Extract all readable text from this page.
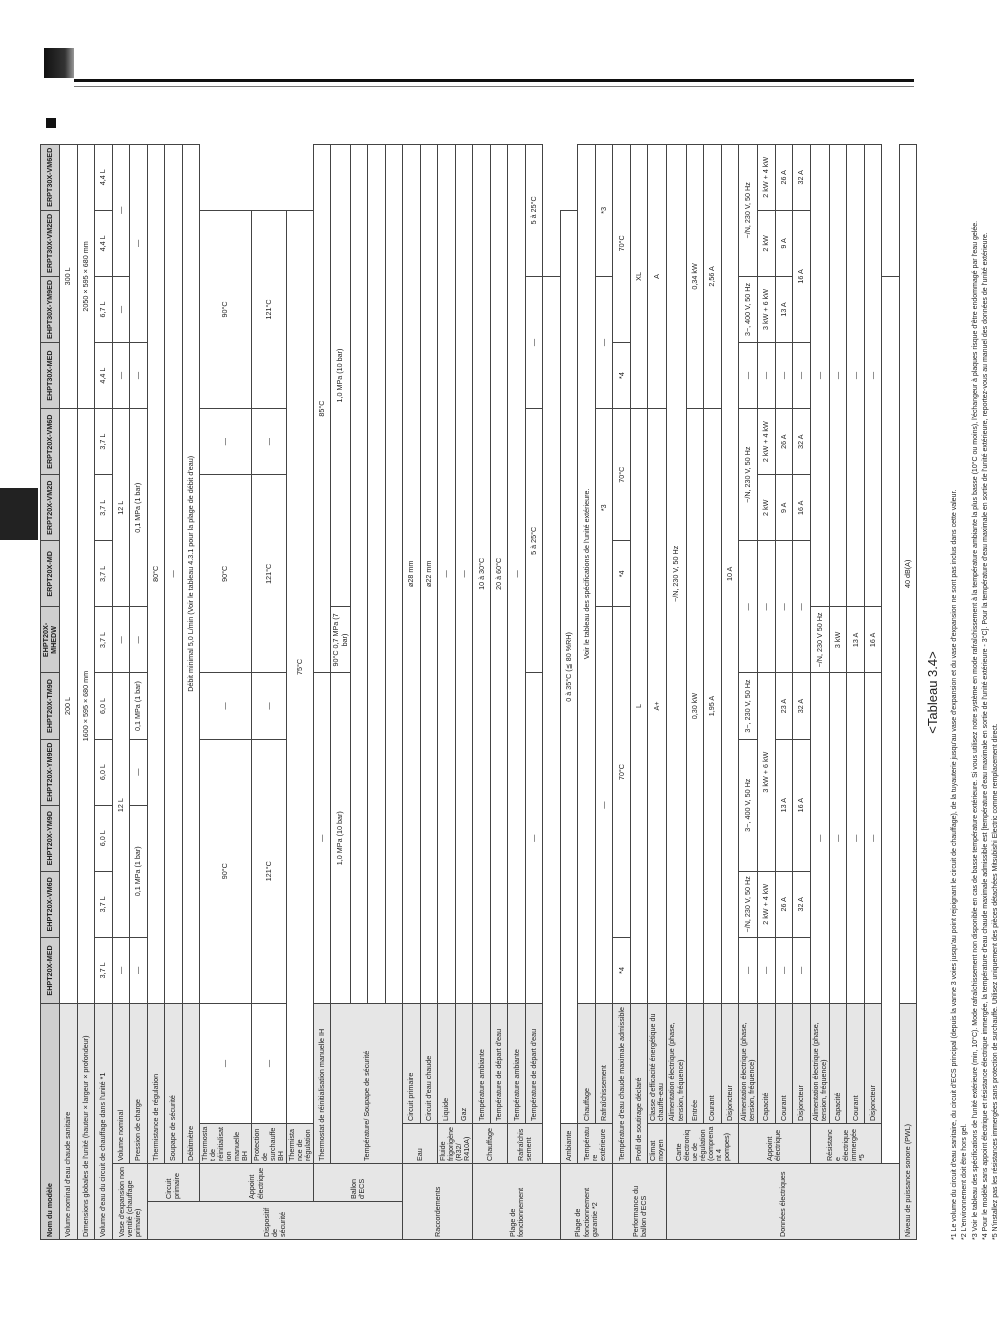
Nom du modèle				EHPT20X-MED	EHPT20X-VM6D	EHPT20X-YM9D	EHPT20X-YM9ED	EHPT20X-TM9D	EHPT20X-MHEDW	ERPT20X-MD	ERPT20X-VM2D	ERPT20X-VM6D	EHPT30X-MED	EHPT30X-YM9ED	ERPT30X-VM2ED	ERPT30X-VM6ED
Volume nominal d'eau chaude sanitaire				200 L									300 L			
Dimensions globales de l'unité (hauteur × largeur × profondeur)				1600 × 595 × 680 mm									2050 × 595 × 680 mm			
Volume d'eau du circuit de chauffage dans l'unité *1				3,7 L	3,7 L	6,0 L	6,0 L	6,0 L	3,7 L	3,7 L	3,7 L	3,7 L	4,4 L	6,7 L	4,4 L	4,4 L
Vase d'expansion non ventilé (chauffage primaire)		Volume nominal		—	12 L				—	12 L			—	—	—	
		Pression de charge		—	0,1 MPa (1 bar)		—	0,1 MPa (1 bar)	—	0,1 MPa (1 bar)			—	—		
Dispositif de sécurité	Circuit primaire	Thermistance de régulation		80°C												
		Soupape de sécurité		—												
		Débitmètre		Débit minimal 5,0 L/min (Voir le tableau 4.3.1 pour la plage de débit d'eau)												
	Appoint électrique	Thermostat de réinitialisation manuelle BH	—	90°C				—	90°C			—	90°C			
		Protection de surchauffe BH	—	121°C				—	121°C			—	121°C			
		Thermistance de régulation	75°C													
	Ballon d'ECS	Thermostat de réinitialisation manuelle IH		—					85°C							
		Température/ Soupape de sécurité		1,0 MPa (10 bar)					90°C 0,7 MPa (7 bar)	1,0 MPa (10 bar)						

Raccordements		Eau	Circuit primaire	ø28 mm												
			Circuit d'eau chaude	ø22 mm												
		Fluide frigorigène (R32/ R410A)	Liquide	—												
			Gaz	—												
Plage de fonctionnement		Chauffage	Température ambiante	10 à 30°C												
			Température de départ d'eau	20 à 60°C												
		Rafraîchissement	Température ambiante	—												
			Température de départ d'eau	—					5 à 25°C				—		5 à 25°C	

Plage de fonctionnement garantie *2		Ambiante	0 à 35°C (≦ 80 %RH)													
		Température extérieure	Chauffage	Voir le tableau des spécifications de l'unité extérieure.												
			Rafraîchissement	—						*3			—		*3	
Performance du ballon d'ECS		Température d'eau chaude maximale admissible		*4	70°C					*4	70°C		*4	70°C		
		Profil de soutirage déclaré		L									XL			
		Climat moyen	Classe d'efficacité énergétique du chauffe-eau	A+									A			
Données électriques		Carte électronique de régulation (comprenant 4 pompes)	Alimentation électrique (phase, tension, fréquence)	~/N, 230 V, 50 Hz												
			Entrée	0,30 kW									0,34 kW			
			Courant	1,95 A									2,56 A			
			Disjoncteur	10 A												
		Appoint électrique	Alimentation électrique (phase, tension, fréquence)	—	~/N, 230 V, 50 Hz	3~, 400 V, 50 Hz		3~, 230 V, 50 Hz	—		~/N, 230 V, 50 Hz		—	3~, 400 V, 50 Hz	~/N, 230 V, 50 Hz	
			Capacité	—	2 kW + 4 kW	3 kW + 6 kW			—		2 kW	2 kW + 4 kW	—	3 kW + 6 kW	2 kW	2 kW + 4 kW
			Courant	—	26 A	13 A		23 A	—		9 A	26 A	—	13 A	9 A	26 A
			Disjoncteur	—	32 A	16 A		32 A	—		16 A	32 A	—	16 A		32 A
		Résistance électrique immergée *5	Alimentation électrique (phase, tension, fréquence)	—					~/N, 230 V 50 Hz	—						
			Capacité	—					3 kW	—						
			Courant	—					13 A	—						
			Disjoncteur	—					16 A	—						

Niveau de puissance sonore (PWL)				40 dB(A)												
<Tableau 3.4> *1 Le volume du circuit d'eau sanitaire, du circuit d'ECS principal (depuis la vanne 3 voies jusqu'au point rejoignant le circuit de chauffage), de la tuyauterie jusqu'au vase d'expansion et du vase d'expansion ne sont pas inclus dans cette valeur. *2 L'environnement doit être hors gel. *3 Voir le tableau des spécifications de l'unité extérieure (min, 10°C). Mode rafraîchissement non disponible en cas de basse température extérieure. Si vous utilisez notre système en mode rafraîchissement à la température ambiante la plus basse (10°C ou moins), l'échangeur à plaques risque d'être endommagé par l'eau gelée. *4 Pour le modèle sans appoint électrique et résistance électrique immergée, la température d'eau chaude maximale admissible est [température d'eau maximale en sortie de l'unité extérieure - 3°C]. Pour la température d'eau maximale en sortie de l'unité extérieure, reportez-vous au manuel des données de l'unité extérieure. *5 N'installez pas les résistances immergées sans protection de surchauffe. Utilisez uniquement des pièces détachées Mitsubishi Electric comme remplacement direct.
